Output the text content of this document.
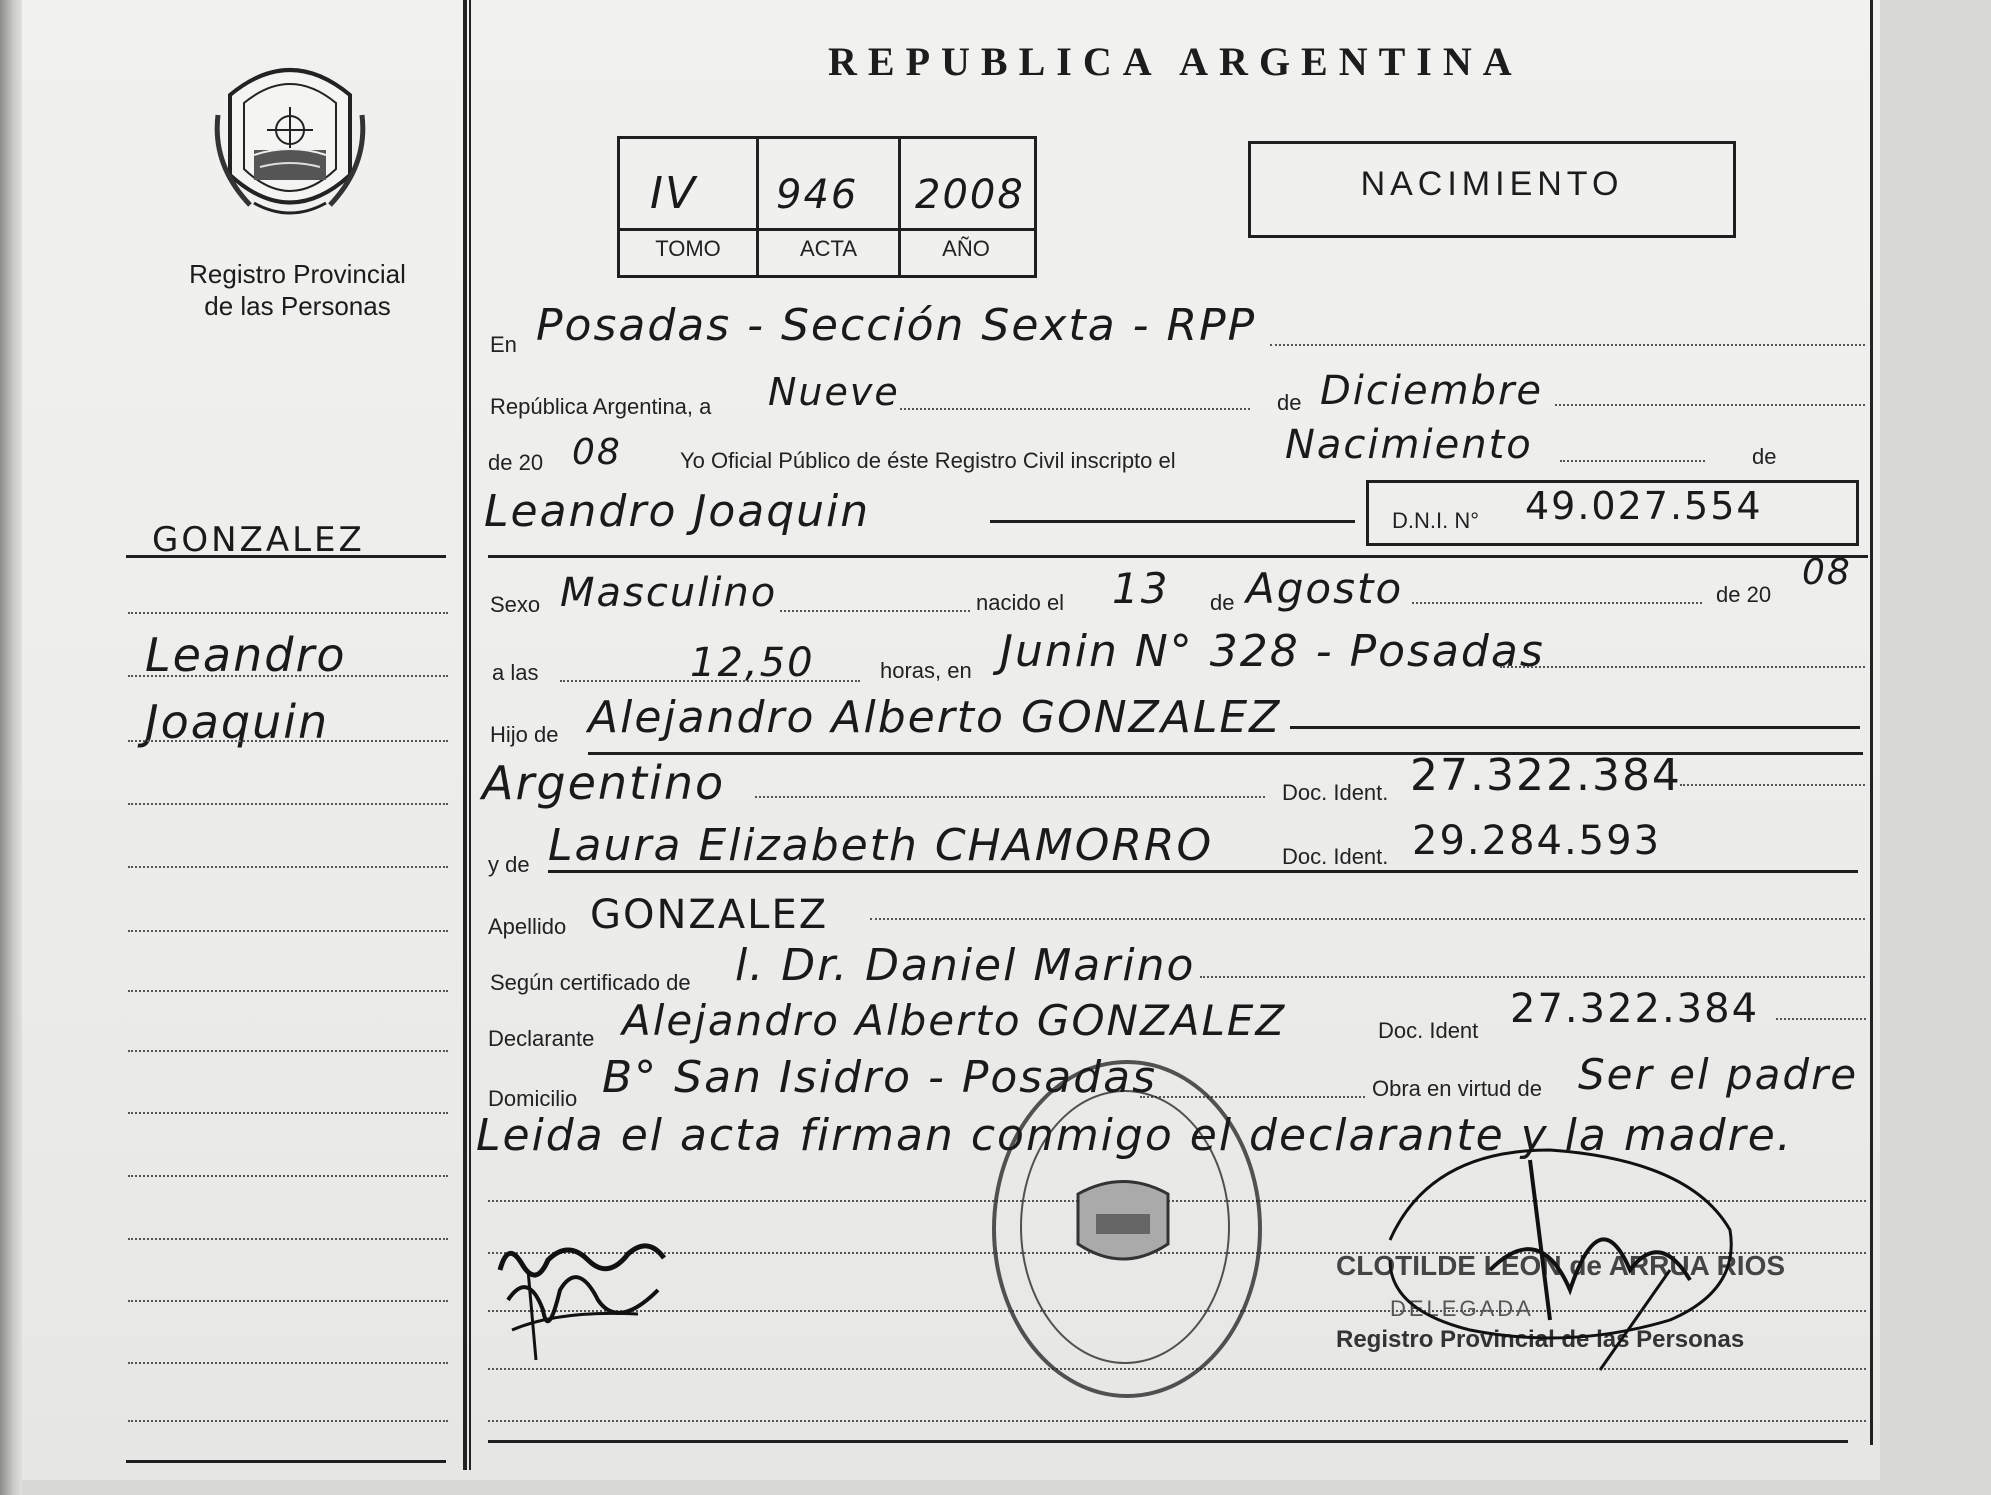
Registro Provincial
de las Personas
REPUBLICA ARGENTINA
IV 946 2008
TOMO	ACTA	AÑO
NACIMIENTO
GONZALEZ
Leandro
Joaquin
En Posadas - Sección Sexta - RPP
República Argentina, a Nueve	de Diciembre
de 20 08	Yo Oficial Público de éste Registro Civil inscripto el	Nacimiento	de
Leandro Joaquin	D.N.I. N° 49.027.554
Sexo Masculino	nacido el 13 de Agosto	de 20
08
a las	12,50	horas, en Junin N° 328 - Posadas
Hijo de Alejandro Alberto GONZALEZ
Argentino	Doc. Ident. 27.322.384
y de Laura Elizabeth CHAMORRO	Doc. Ident. 29.284.593
Apellido GONZALEZ
Según certificado de l. Dr. Daniel Marino
Declarante Alejandro Alberto GONZALEZ	Doc. Ident 27.322.384
Domicilio B° San Isidro - Posadas	Obra en virtud de Ser el padre
Leida el acta firman conmigo el declarante y la madre.
CLOTILDE LEON de ARRUA RIOS
DELEGADA
Registro Provincial de las Personas
